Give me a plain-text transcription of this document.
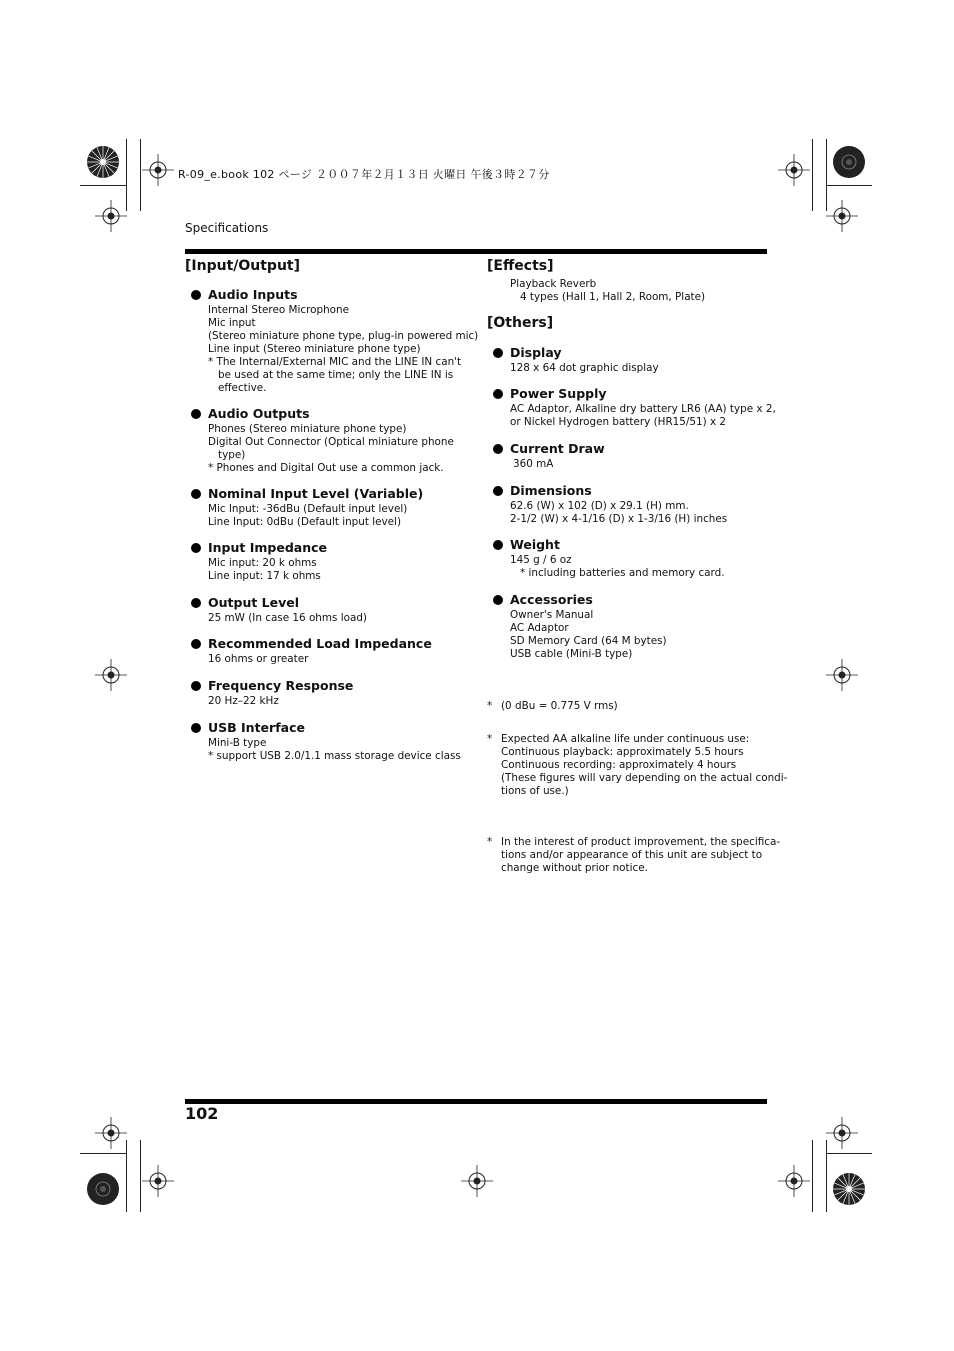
R-09_e.book 102 ページ ２００７年２月１３日 火曜日 午後３時２７分
Specifications
[Input/Output]
Audio Inputs
Internal Stereo Microphone
Mic input
(Stereo miniature phone type, plug-in powered mic)
Line input (Stereo miniature phone type)
* The Internal/External MIC and the LINE IN can't
be used at the same time; only the LINE IN is
effective.
Audio Outputs
Phones (Stereo miniature phone type)
Digital Out Connector (Optical miniature phone
type)
* Phones and Digital Out use a common jack.
Nominal Input Level (Variable)
Mic Input: -36dBu (Default input level)
Line Input: 0dBu (Default input level)
Input Impedance
Mic input: 20 k ohms
Line input: 17 k ohms
Output Level
25 mW (In case 16 ohms load)
Recommended Load Impedance
16 ohms or greater
Frequency Response
20 Hz–22 kHz
USB Interface
Mini-B type
* support USB 2.0/1.1 mass storage device class
[Effects]
Playback Reverb
4 types (Hall 1, Hall 2, Room, Plate)
[Others]
Display
128 x 64 dot graphic display
Power Supply
AC Adaptor, Alkaline dry battery LR6 (AA) type x 2,
or Nickel Hydrogen battery (HR15/51) x 2
Current Draw
360 mA
Dimensions
62.6 (W) x 102 (D) x 29.1 (H) mm.
2-1/2 (W) x 4-1/16 (D) x 1-3/16 (H) inches
Weight
145 g / 6 oz
* including batteries and memory card.
Accessories
Owner's Manual
AC Adaptor
SD Memory Card (64 M bytes)
USB cable (Mini-B type)
* (0 dBu = 0.775 V rms)
* Expected AA alkaline life under continuous use:
Continuous playback: approximately 5.5 hours
Continuous recording: approximately 4 hours
(These figures will vary depending on the actual condi-
tions of use.)
* In the interest of product improvement, the specifica-
tions and/or appearance of this unit are subject to
change without prior notice.
102
